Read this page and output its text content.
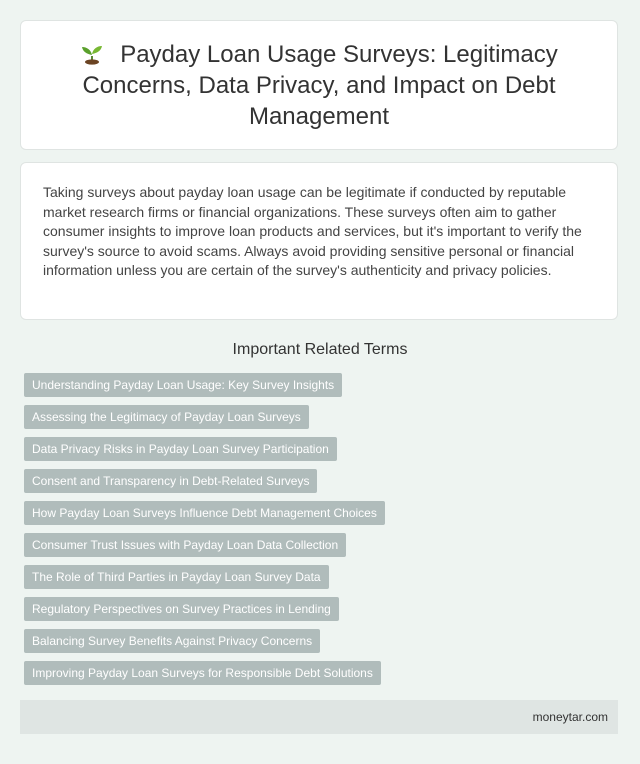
Payday Loan Usage Surveys: Legitimacy Concerns, Data Privacy, and Impact on Debt Management

Taking surveys about payday loan usage can be legitimate if conducted by reputable market research firms or financial organizations. These surveys often aim to gather consumer insights to improve loan products and services, but it's important to verify the survey's source to avoid scams. Always avoid providing sensitive personal or financial information unless you are certain of the survey's authenticity and privacy policies.

Important Related Terms
Understanding Payday Loan Usage: Key Survey Insights
Assessing the Legitimacy of Payday Loan Surveys
Data Privacy Risks in Payday Loan Survey Participation
Consent and Transparency in Debt-Related Surveys
How Payday Loan Surveys Influence Debt Management Choices
Consumer Trust Issues with Payday Loan Data Collection
The Role of Third Parties in Payday Loan Survey Data
Regulatory Perspectives on Survey Practices in Lending
Balancing Survey Benefits Against Privacy Concerns
Improving Payday Loan Surveys for Responsible Debt Solutions
moneytar.com
